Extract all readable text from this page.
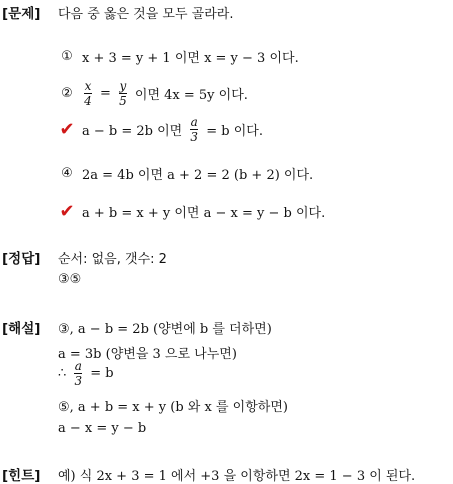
[문제] 다음 중 옳은 것을 모두 골라라.
① x + 3 = y + 1 이면 x = y − 3 이다.
② $\frac{x}{4} = \frac{y}{5}$ 이면 4x = 5y 이다.
✔ a − b = 2b 이면 $\frac{a}{3} = b$ 이다.
④ 2a = 4b 이면 a + 2 = 2 (b + 2) 이다.
✔ a + b = x + y 이면 a − x = y − b 이다.
[정답] 순서: 없음, 갯수: 2
③⑤
[해설] ③, a − b = 2b (양변에 b 를 더하면)
a = 3b (양변을 3 으로 나누면)
∴ $\frac{a}{3} = b$
⑤, a + b = x + y (b 와 x 를 이항하면)
a − x = y − b
[힌트] 예) 식 2x + 3 = 1 에서 +3 을 이항하면 2x = 1 − 3 이 된다.
